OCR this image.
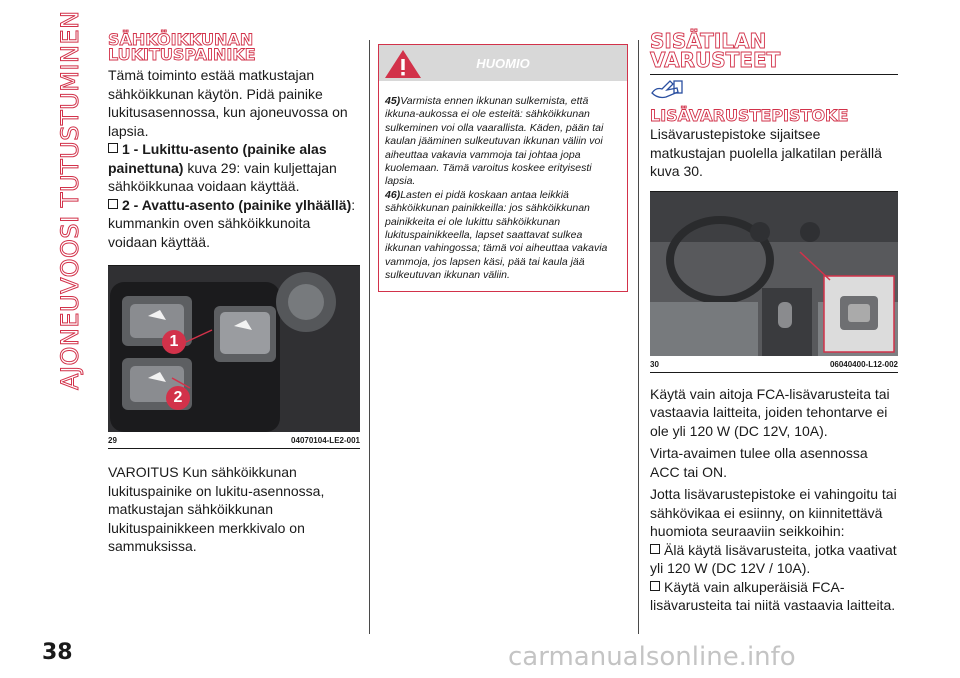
AJONEUVOOSI TUTUSTUMINEN SÄHKÖIKKUNAN LUKITUSPAINIKE

Tämä toiminto estää matkustajan sähköikkunan käytön. Pidä painike lukitusasennossa, kun ajoneuvossa on lapsia.

1 - Lukittu-asento (painike alas painettuna) kuva 29: vain kuljettajan sähköikkunaa voidaan käyttää.

2 - Avattu-asento (painike ylhäällä): kummankin oven sähköikkunoita voidaan käyttää.

1
2
29	04070104-LE2-001

VAROITUS Kun sähköikkunan lukituspainike on lukitu-asennossa, matkustajan sähköikkunan lukituspainikkeen merkkivalo on sammuksissa.

HUOMIO

45)Varmista ennen ikkunan sulkemista, että ikkuna-aukossa ei ole esteitä: sähköikkunan sulkeminen voi olla vaarallista. Käden, pään tai kaulan jääminen sulkeutuvan ikkunan väliin voi aiheuttaa vakavia vammoja tai johtaa jopa kuolemaan. Tämä varoitus koskee erityisesti lapsia.

46)Lasten ei pidä koskaan antaa leikkiä sähköikkunan painikkeilla: jos sähköikkunan painikkeita ei ole lukittu sähköikkunan lukituspainikkeella, lapset saattavat sulkea ikkunan vahingossa; tämä voi aiheuttaa vakavia vammoja, jos lapsen käsi, pää tai kaula jää sulkeutuvan ikkunan väliin.

SISÄTILAN VARUSTEET
LISÄVARUSTEPISTOKE

Lisävarustepistoke sijaitsee matkustajan puolella jalkatilan perällä kuva 30.

30	06040400-L12-002

Käytä vain aitoja FCA-lisävarusteita tai vastaavia laitteita, joiden tehontarve ei ole yli 120 W (DC 12V, 10A).

Virta-avaimen tulee olla asennossa ACC tai ON.

Jotta lisävarustepistoke ei vahingoitu tai sähkövikaa ei esiinny, on kiinnitettävä huomiota seuraaviin seikkoihin:

Älä käytä lisävarusteita, jotka vaativat yli 120 W (DC 12V / 10A).

Käytä vain alkuperäisiä FCA-lisävarusteita tai niitä vastaavia laitteita.

38	carmanualsonline.info
